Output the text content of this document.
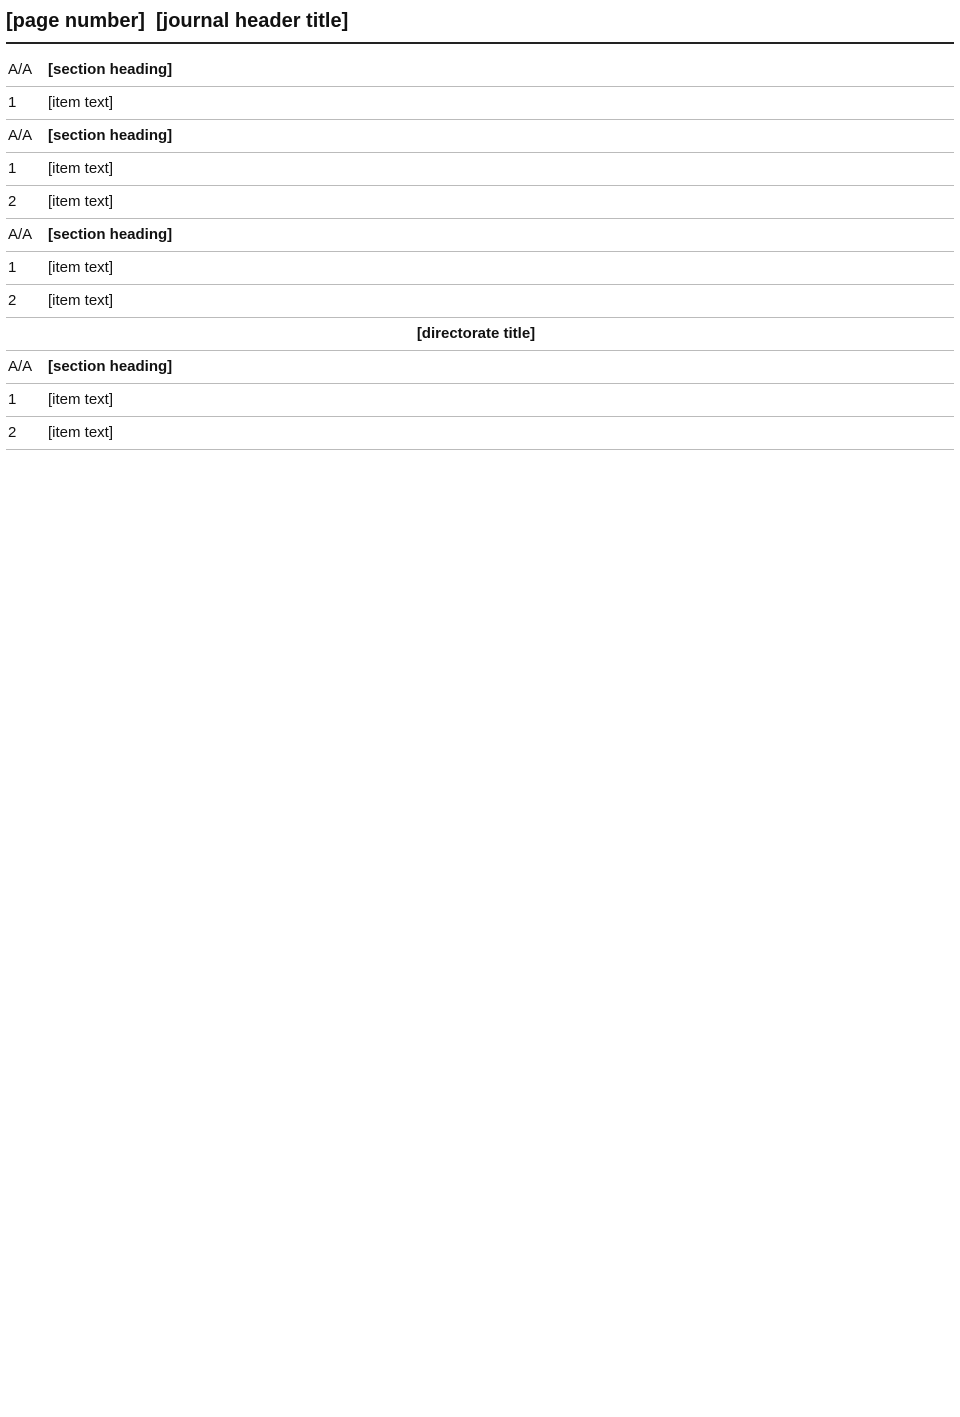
[page number] [journal header title]
A/A	[section heading]
1	[item text]
A/A	[section heading]
1	[item text]
2	[item text]
A/A	[section heading]
1	[item text]
2	[item text]
[directorate title]
A/A	[section heading]
1	[item text]
2	[item text]
